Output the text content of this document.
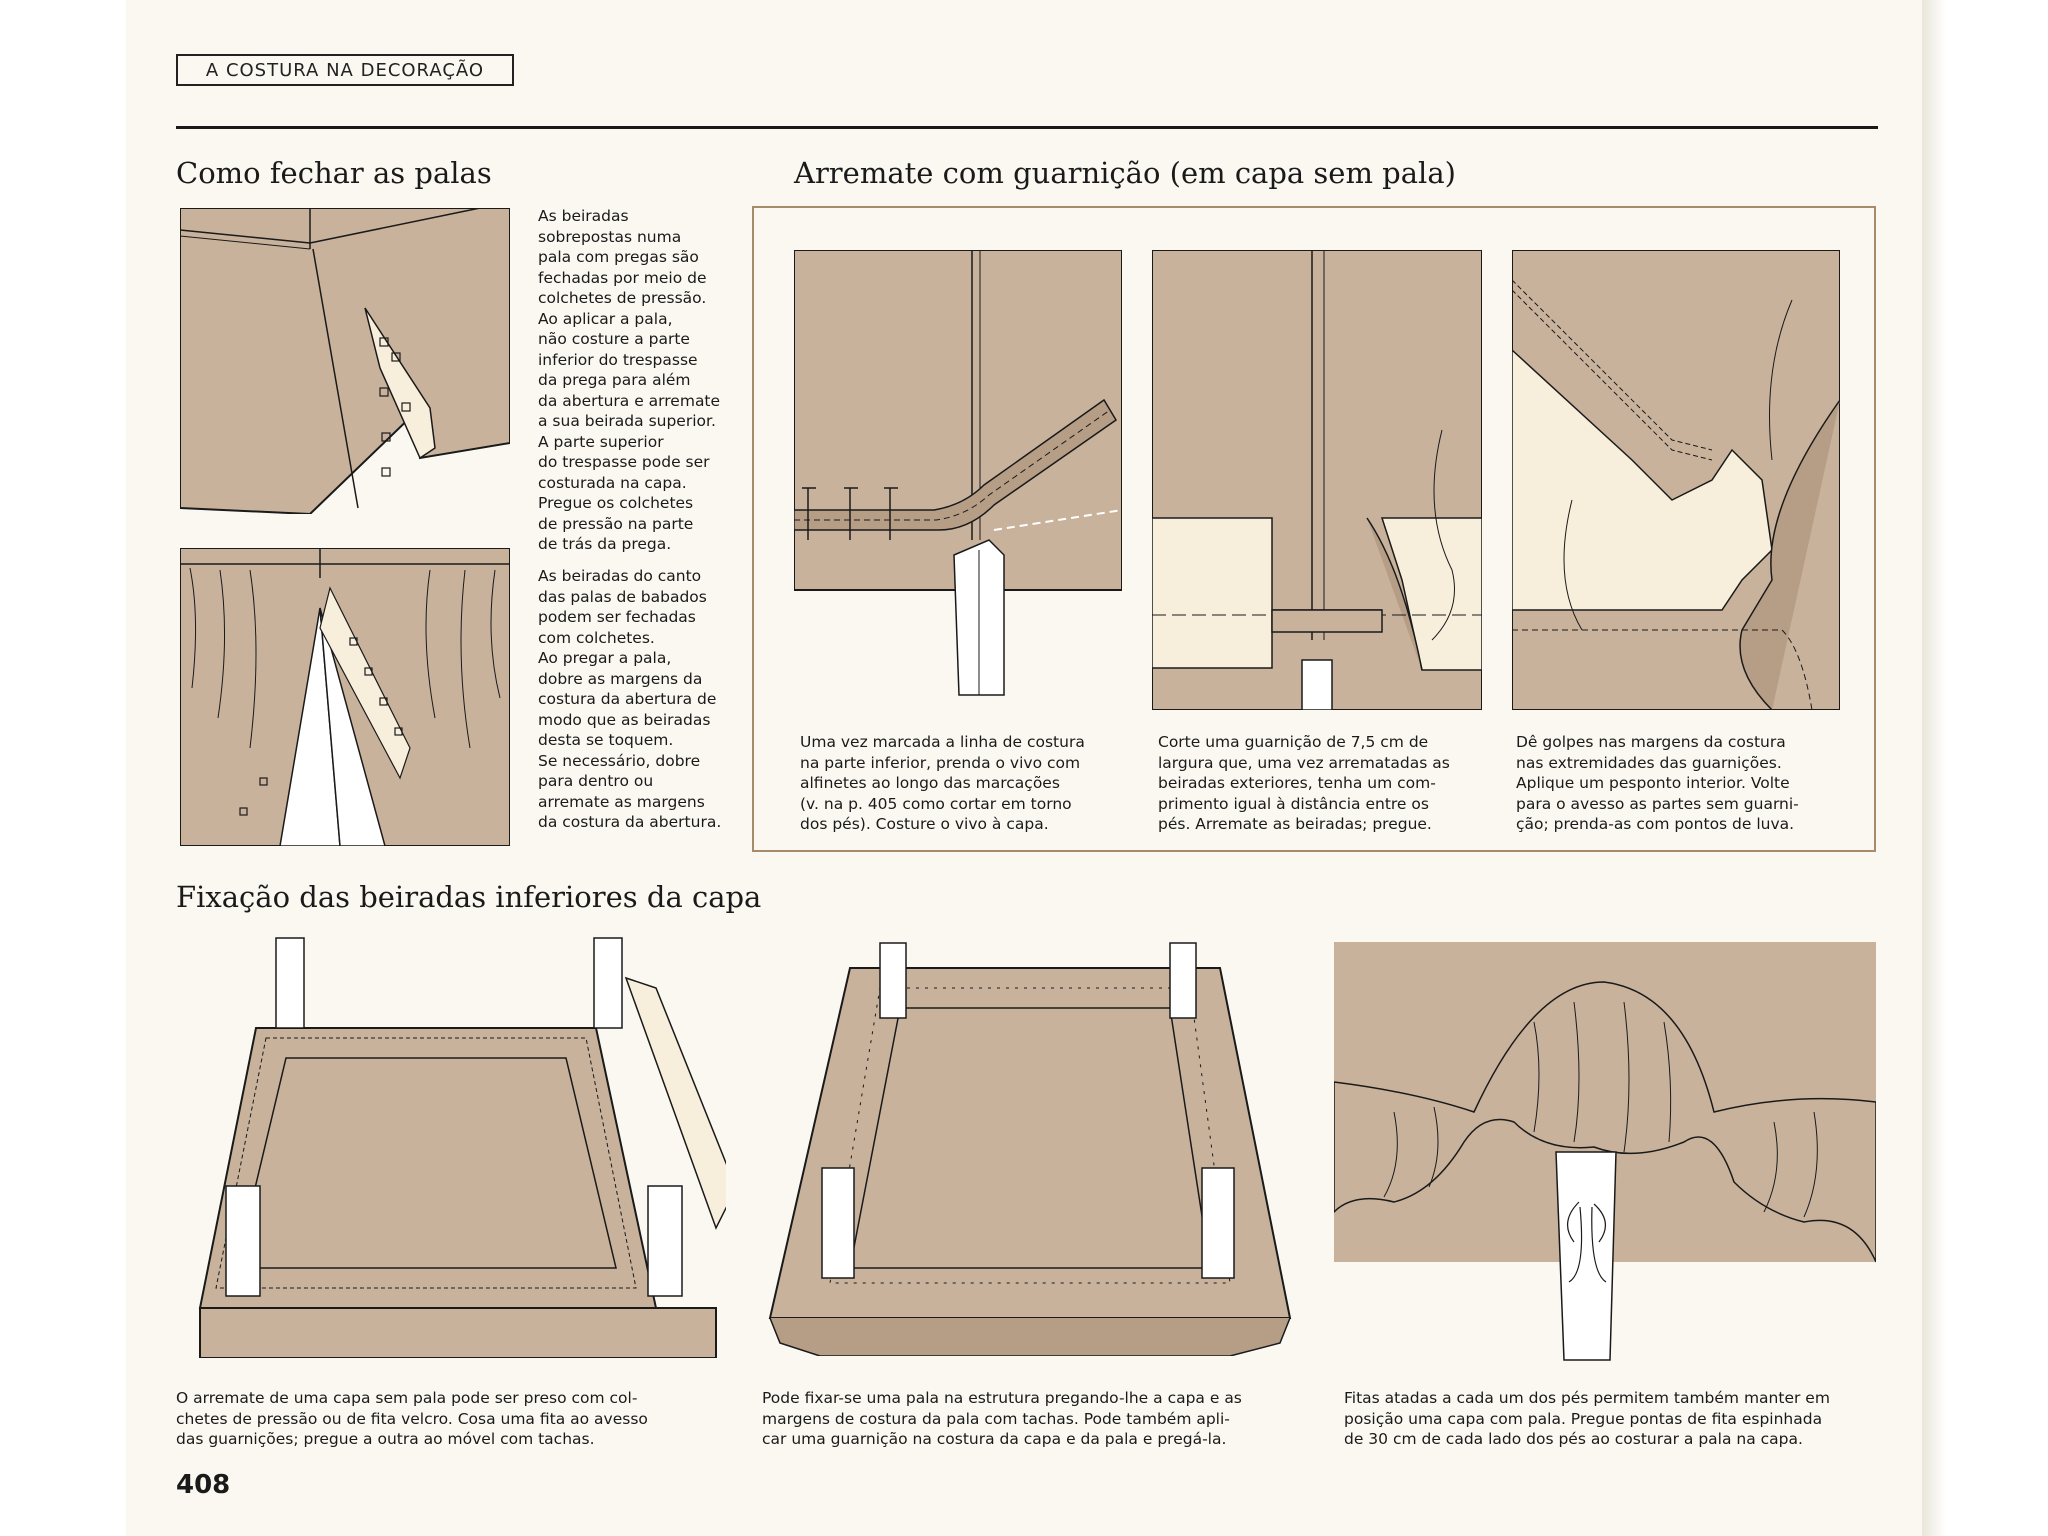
A COSTURA NA DECORAÇÃO
Como fechar as palas	Arremate com guarnição (em capa sem pala)
Fixação das beiradas inferiores da capa
As beiradas
sobrepostas numa
pala com pregas são
fechadas por meio de
colchetes de pressão.
Ao aplicar a pala,
não costure a parte
inferior do trespasse
da prega para além
da abertura e arremate
a sua beirada superior.
A parte superior
do trespasse pode ser
costurada na capa.
Pregue os colchetes
de pressão na parte
de trás da prega.
As beiradas do canto
das palas de babados
podem ser fechadas
com colchetes.
Ao pregar a pala,
dobre as margens da
costura da abertura de
modo que as beiradas
desta se toquem.
Se necessário, dobre
para dentro ou
arremate as margens
da costura da abertura.
Uma vez marcada a linha de costura
na parte inferior, prenda o vivo com
alfinetes ao longo das marcações
(v. na p. 405 como cortar em torno
dos pés). Costure o vivo à capa.
Corte uma guarnição de 7,5 cm de
largura que, uma vez arrematadas as
beiradas exteriores, tenha um com-
primento igual à distância entre os
pés. Arremate as beiradas; pregue.
Dê golpes nas margens da costura
nas extremidades das guarnições.
Aplique um pesponto interior. Volte
para o avesso as partes sem guarni-
ção; prenda-as com pontos de luva.
O arremate de uma capa sem pala pode ser preso com col-
chetes de pressão ou de fita velcro. Cosa uma fita ao avesso
das guarnições; pregue a outra ao móvel com tachas.
Pode fixar-se uma pala na estrutura pregando-lhe a capa e as
margens de costura da pala com tachas. Pode também apli-
car uma guarnição na costura da capa e da pala e pregá-la.
Fitas atadas a cada um dos pés permitem também manter em
posição uma capa com pala. Pregue pontas de fita espinhada
de 30 cm de cada lado dos pés ao costurar a pala na capa.
408
